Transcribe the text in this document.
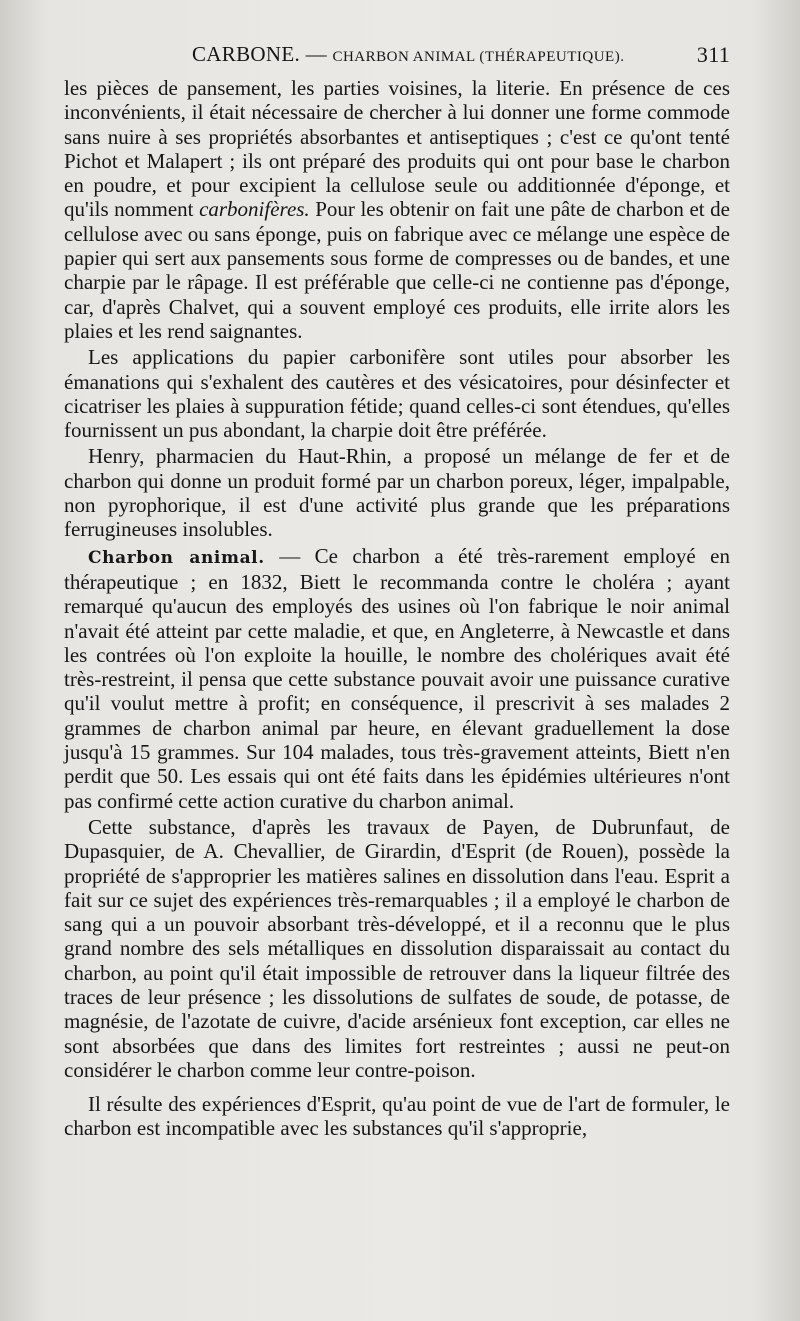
CARBONE. — CHARBON ANIMAL (THÉRAPEUTIQUE).	311

les pièces de pansement, les parties voisines, la literie. En présence de ces inconvénients, il était nécessaire de chercher à lui donner une forme commode sans nuire à ses propriétés absorbantes et antiseptiques ; c'est ce qu'ont tenté Pichot et Malapert ; ils ont préparé des produits qui ont pour base le charbon en poudre, et pour excipient la cellulose seule ou additionnée d'éponge, et qu'ils nomment carbonifères. Pour les obtenir on fait une pâte de charbon et de cellulose avec ou sans éponge, puis on fabrique avec ce mélange une espèce de papier qui sert aux pansements sous forme de compresses ou de bandes, et une charpie par le râpage. Il est préférable que celle-ci ne contienne pas d'éponge, car, d'après Chalvet, qui a souvent employé ces produits, elle irrite alors les plaies et les rend saignantes.

Les applications du papier carbonifère sont utiles pour absorber les émanations qui s'exhalent des cautères et des vésicatoires, pour désinfecter et cicatriser les plaies à suppuration fétide; quand celles-ci sont étendues, qu'elles fournissent un pus abondant, la charpie doit être préférée.

Henry, pharmacien du Haut-Rhin, a proposé un mélange de fer et de charbon qui donne un produit formé par un charbon poreux, léger, impalpable, non pyrophorique, il est d'une activité plus grande que les préparations ferrugineuses insolubles.

Charbon animal. — Ce charbon a été très-rarement employé en thérapeutique ; en 1832, Biett le recommanda contre le choléra ; ayant remarqué qu'aucun des employés des usines où l'on fabrique le noir animal n'avait été atteint par cette maladie, et que, en Angleterre, à Newcastle et dans les contrées où l'on exploite la houille, le nombre des cholériques avait été très-restreint, il pensa que cette substance pouvait avoir une puissance curative qu'il voulut mettre à profit; en conséquence, il prescrivit à ses malades 2 grammes de charbon animal par heure, en élevant graduellement la dose jusqu'à 15 grammes. Sur 104 malades, tous très-gravement atteints, Biett n'en perdit que 50. Les essais qui ont été faits dans les épidémies ultérieures n'ont pas confirmé cette action curative du charbon animal.

Cette substance, d'après les travaux de Payen, de Dubrunfaut, de Dupasquier, de A. Chevallier, de Girardin, d'Esprit (de Rouen), possède la propriété de s'approprier les matières salines en dissolution dans l'eau. Esprit a fait sur ce sujet des expériences très-remarquables ; il a employé le charbon de sang qui a un pouvoir absorbant très-développé, et il a reconnu que le plus grand nombre des sels métalliques en dissolution disparaissait au contact du charbon, au point qu'il était impossible de retrouver dans la liqueur filtrée des traces de leur présence ; les dissolutions de sulfates de soude, de potasse, de magnésie, de l'azotate de cuivre, d'acide arsénieux font exception, car elles ne sont absorbées que dans des limites fort restreintes ; aussi ne peut-on considérer le charbon comme leur contre-poison.

Il résulte des expériences d'Esprit, qu'au point de vue de l'art de formuler, le charbon est incompatible avec les substances qu'il s'approprie,
